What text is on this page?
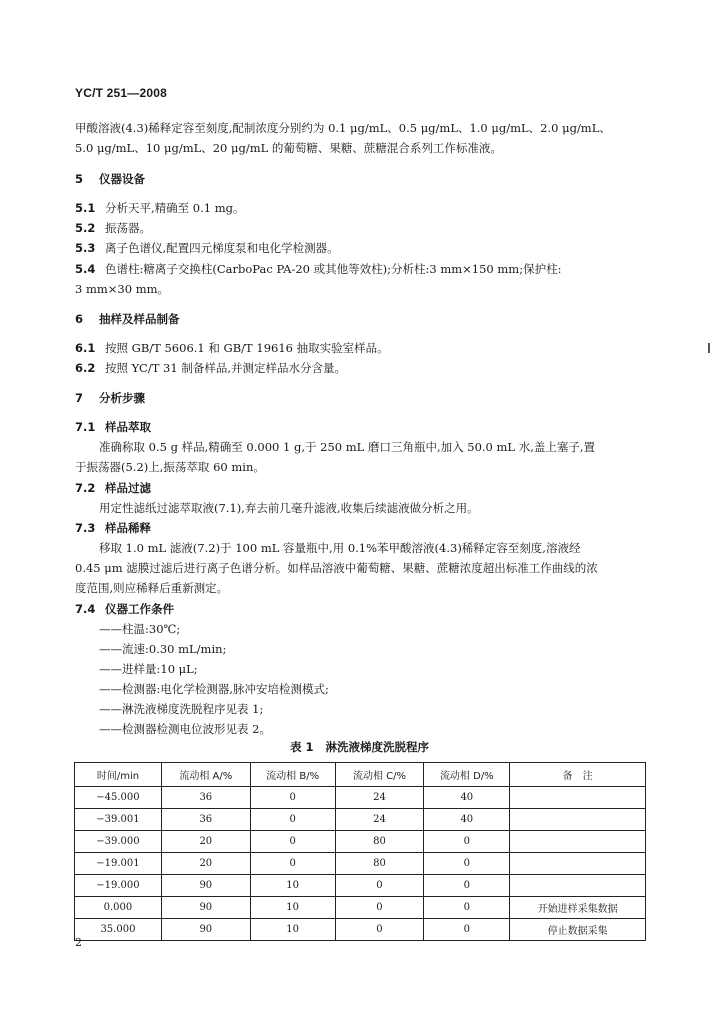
YC/T 251—2008
甲酸溶液(4.3)稀释定容至刻度,配制浓度分别约为 0.1 μg/mL、0.5 μg/mL、1.0 μg/mL、2.0 μg/mL、
5.0 μg/mL、10 μg/mL、20 μg/mL 的葡萄糖、果糖、蔗糖混合系列工作标准液。
5 仪器设备
5.1 分析天平,精确至 0.1 mg。
5.2 振荡器。
5.3 离子色谱仪,配置四元梯度泵和电化学检测器。
5.4 色谱柱:糖离子交换柱(CarboPac PA-20 或其他等效柱);分析柱:3 mm×150 mm;保护柱:
3 mm×30 mm。
6 抽样及样品制备
6.1 按照 GB/T 5606.1 和 GB/T 19616 抽取实验室样品。
6.2 按照 YC/T 31 制备样品,并测定样品水分含量。
7 分析步骤
7.1 样品萃取
准确称取 0.5 g 样品,精确至 0.000 1 g,于 250 mL 磨口三角瓶中,加入 50.0 mL 水,盖上塞子,置
于振荡器(5.2)上,振荡萃取 60 min。
7.2 样品过滤
用定性滤纸过滤萃取液(7.1),弃去前几毫升滤液,收集后续滤液做分析之用。
7.3 样品稀释
移取 1.0 mL 滤液(7.2)于 100 mL 容量瓶中,用 0.1%苯甲酸溶液(4.3)稀释定容至刻度,溶液经
0.45 μm 滤膜过滤后进行离子色谱分析。如样品溶液中葡萄糖、果糖、蔗糖浓度超出标准工作曲线的浓
度范围,则应稀释后重新测定。
7.4 仪器工作条件
——柱温:30℃;
——流速:0.30 mL/min;
——进样量:10 μL;
——检测器:电化学检测器,脉冲安培检测模式;
——淋洗液梯度洗脱程序见表 1;
——检测器检测电位波形见表 2。
表 1 淋洗液梯度洗脱程序
时间/min	流动相 A/%	流动相 B/%	流动相 C/%	流动相 D/%	备　注
−45.000	36	0	24	40	
−39.001	36	0	24	40	
−39.000	20	0	80	0	
−19.001	20	0	80	0	
−19.000	90	10	0	0	
0.000	90	10	0	0	开始进样采集数据
35.000	90	10	0	0	停止数据采集
2
